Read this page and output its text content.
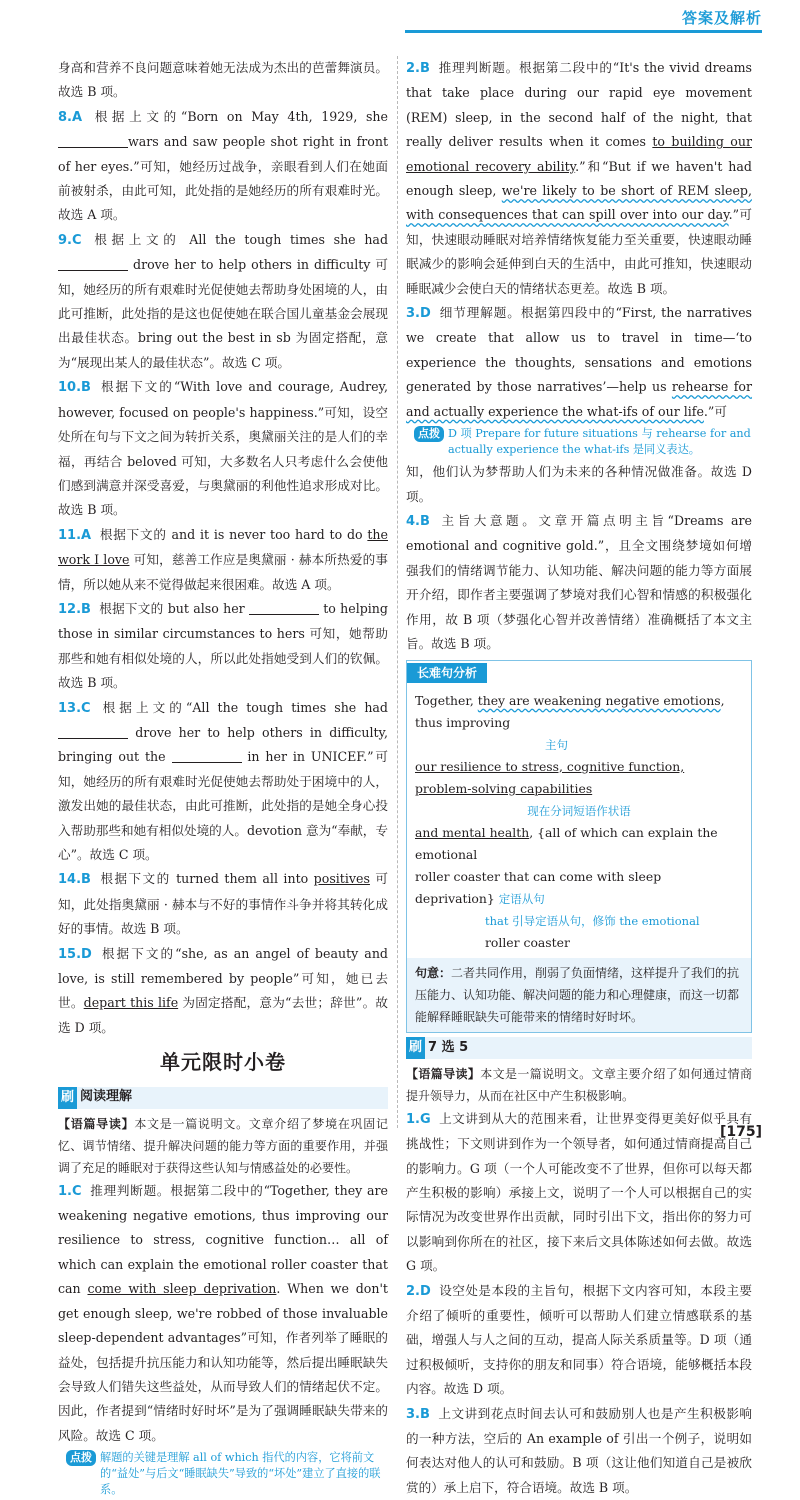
答案及解析

身高和营养不良问题意味着她无法成为杰出的芭蕾舞演员。故选 B 项。

8.A 根据上文的“Born on May 4th, 1929, shewars and saw people shot right in front of her eyes.”可知，她经历过战争，亲眼看到人们在她面前被射杀，由此可知，此处指的是她经历的所有艰难时光。故选 A 项。

9.C 根据上文的 All the tough times she had  drove her to help others in difficulty 可知，她经历的所有艰难时光促使她去帮助身处困境的人，由此可推断，此处指的是这也促使她在联合国儿童基金会展现出最佳状态。bring out the best in sb 为固定搭配，意为“展现出某人的最佳状态”。故选 C 项。

10.B 根据下文的“With love and courage, Audrey, however, focused on people's happiness.”可知，设空处所在句与下文之间为转折关系，奥黛丽关注的是人们的幸福，再结合 beloved 可知，大多数名人只考虑什么会使他们感到满意并深受喜爱，与奥黛丽的利他性追求形成对比。故选 B 项。

11.A 根据下文的 and it is never too hard to do the work I love 可知，慈善工作应是奥黛丽 · 赫本所热爱的事情，所以她从来不觉得做起来很困难。故选 A 项。

12.B 根据下文的 but also her	to helping those in similar circumstances to hers 可知，她帮助那些和她有相似处境的人，所以此处指她受到人们的钦佩。故选 B 项。

13.C 根据上文的“All the tough times she had  drove her to help others in difficulty, bringing out the	in her in UNICEF.”可知，她经历的所有艰难时光促使她去帮助处于困境中的人，激发出她的最佳状态，由此可推断，此处指的是她全身心投入帮助那些和她有相似处境的人。devotion 意为“奉献，专心”。故选 C 项。

14.B 根据下文的 turned them all into positives 可知，此处指奥黛丽 · 赫本与不好的事情作斗争并将其转化成好的事情。故选 B 项。

15.D 根据下文的“she, as an angel of beauty and love, is still remembered by people”可知，她已去世。depart this life 为固定搭配，意为“去世；辞世”。故选 D 项。

单元限时小卷
刷 阅读理解

【语篇导读】本文是一篇说明文。文章介绍了梦境在巩固记忆、调节情绪、提升解决问题的能力等方面的重要作用，并强调了充足的睡眠对于获得这些认知与情感益处的必要性。

1.C 推理判断题。根据第二段中的“Together, they are weakening negative emotions, thus improving our resilience to stress, cognitive function… all of which can explain the emotional roller coaster that can come with sleep deprivation. When we don't get enough sleep, we're robbed of those invaluable sleep-dependent advantages”可知，作者列举了睡眠的益处，包括提升抗压能力和认知功能等，然后提出睡眠缺失会导致人们错失这些益处，从而导致人们的情绪起伏不定。因此，作者提到“情绪时好时坏”是为了强调睡眠缺失带来的风险。故选 C 项。

点拨 解题的关键是理解 all of which 指代的内容，它将前文的“益处”与后文“睡眠缺失”导致的“坏处”建立了直接的联系。

2.B 推理判断题。根据第二段中的“It's the vivid dreams that take place during our rapid eye movement (REM) sleep, in the second half of the night, that really deliver results when it comes to building our emotional recovery ability.”和“But if we haven't had enough sleep, we're likely to be short of REM sleep, with consequences that can spill over into our day.”可知，快速眼动睡眠对培养情绪恢复能力至关重要，快速眼动睡眠减少的影响会延伸到白天的生活中，由此可推知，快速眼动睡眠减少会使白天的情绪状态更差。故选 B 项。

3.D 细节理解题。根据第四段中的“First, the narratives we create that allow us to travel in time—‘to experience the thoughts, sensations and emotions generated by those narratives’—help us rehearse for and actually experience the what-ifs of our life.”可

点拨 D 项 Prepare for future situations 与 rehearse for and actually experience the what-ifs 是同义表达。

知，他们认为梦帮助人们为未来的各种情况做准备。故选 D 项。

4.B 主旨大意题。文章开篇点明主旨“Dreams are emotional and cognitive gold.”，且全文围绕梦境如何增强我们的情绪调节能力、认知功能、解决问题的能力等方面展开介绍，即作者主要强调了梦境对我们心智和情感的积极强化作用，故 B 项（梦强化心智并改善情绪）准确概括了本文主旨。故选 B 项。

长难句分析
Together, they are weakening negative emotions, thus improving
主句
our resilience to stress, cognitive function, problem-solving capabilities
现在分词短语作状语
and mental health, {all of which can explain the emotional
roller coaster that can come with sleep deprivation} 定语从句
that 引导定语从句，修饰 the emotional
roller coaster
句意：二者共同作用，削弱了负面情绪，这样提升了我们的抗压能力、认知功能、解决问题的能力和心理健康，而这一切都能解释睡眠缺失可能带来的情绪时好时坏。
刷 7 选 5

【语篇导读】本文是一篇说明文。文章主要介绍了如何通过情商提升领导力，从而在社区中产生积极影响。

1.G 上文讲到从大的范围来看，让世界变得更美好似乎具有挑战性；下文则讲到作为一个领导者，如何通过情商提高自己的影响力。G 项（一个人可能改变不了世界，但你可以每天都产生积极的影响）承接上文，说明了一个人可以根据自己的实际情况为改变世界作出贡献，同时引出下文，指出你的努力可以影响到你所在的社区，接下来后文具体陈述如何去做。故选 G 项。

2.D 设空处是本段的主旨句，根据下文内容可知，本段主要介绍了倾听的重要性，倾听可以帮助人们建立情感联系的基础，增强人与人之间的互动，提高人际关系质量等。D 项（通过积极倾听，支持你的朋友和同事）符合语境，能够概括本段内容。故选 D 项。

3.B 上文讲到花点时间去认可和鼓励别人也是产生积极影响的一种方法，空后的 An example of 引出一个例子，说明如何表达对他人的认可和鼓励。B 项（这让他们知道自己是被欣赏的）承上启下，符合语境。故选 B 项。

[175]
